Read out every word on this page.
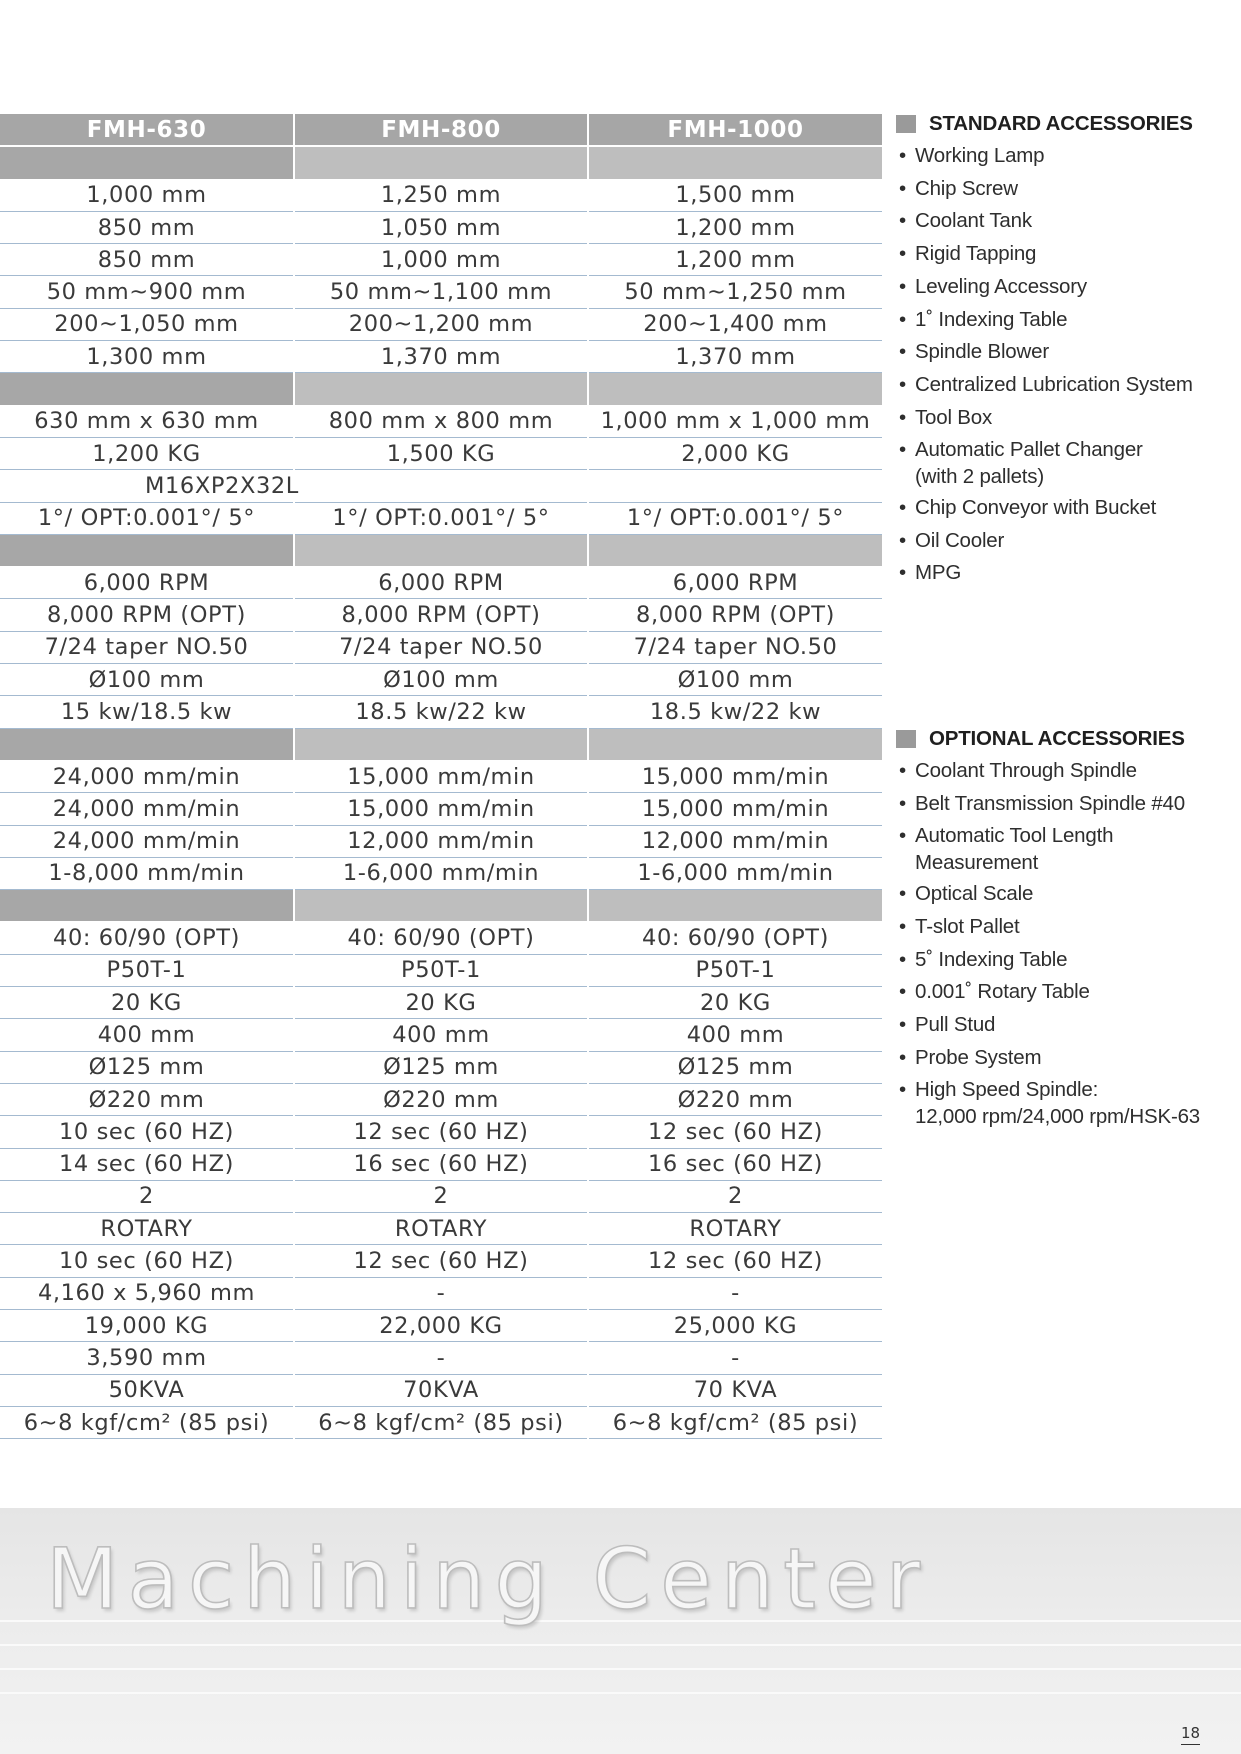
FMH-630	FMH-800	FMH-1000

1,000 mm	1,250 mm	1,500 mm
850 mm	1,050 mm	1,200 mm
850 mm	1,000 mm	1,200 mm
50 mm~900 mm	50 mm~1,100 mm	50 mm~1,250 mm
200~1,050 mm	200~1,200 mm	200~1,400 mm
1,300 mm	1,370 mm	1,370 mm

630 mm x 630 mm	800 mm x 800 mm	1,000 mm x 1,000 mm
1,200 KG	1,500 KG	2,000 KG
M16XP2X32L		
1°/ OPT:0.001°/ 5°	1°/ OPT:0.001°/ 5°	1°/ OPT:0.001°/ 5°

6,000 RPM	6,000 RPM	6,000 RPM
8,000 RPM (OPT)	8,000 RPM (OPT)	8,000 RPM (OPT)
7/24 taper NO.50	7/24 taper NO.50	7/24 taper NO.50
Ø100 mm	Ø100 mm	Ø100 mm
15 kw/18.5 kw	18.5 kw/22 kw	18.5 kw/22 kw

24,000 mm/min	15,000 mm/min	15,000 mm/min
24,000 mm/min	15,000 mm/min	15,000 mm/min
24,000 mm/min	12,000 mm/min	12,000 mm/min
1-8,000 mm/min	1-6,000 mm/min	1-6,000 mm/min

40: 60/90 (OPT)	40: 60/90 (OPT)	40: 60/90 (OPT)
P50T-1	P50T-1	P50T-1
20 KG	20 KG	20 KG
400 mm	400 mm	400 mm
Ø125 mm	Ø125 mm	Ø125 mm
Ø220 mm	Ø220 mm	Ø220 mm
10 sec (60 HZ)	12 sec (60 HZ)	12 sec (60 HZ)
14 sec (60 HZ)	16 sec (60 HZ)	16 sec (60 HZ)
2	2	2
ROTARY	ROTARY	ROTARY
10 sec (60 HZ)	12 sec (60 HZ)	12 sec (60 HZ)
4,160 x 5,960 mm	-	-
19,000 KG	22,000 KG	25,000 KG
3,590 mm	-	-
50KVA	70KVA	70 KVA
6~8 kgf/cm² (85 psi)	6~8 kgf/cm² (85 psi)	6~8 kgf/cm² (85 psi)
STANDARD ACCESSORIES
• Working Lamp
• Chip Screw
• Coolant Tank
• Rigid Tapping
• Leveling Accessory
• 1˚ Indexing Table
• Spindle Blower
• Centralized Lubrication System
• Tool Box
• Automatic Pallet Changer
(with 2 pallets)
• Chip Conveyor with Bucket
• Oil Cooler
• MPG
OPTIONAL ACCESSORIES
• Coolant Through Spindle
• Belt Transmission Spindle #40
• Automatic Tool Length
Measurement
• Optical Scale
• T-slot Pallet
• 5˚ Indexing Table
• 0.001˚ Rotary Table
• Pull Stud
• Probe System
• High Speed Spindle:
12,000 rpm/24,000 rpm/HSK-63
Machining Center
18
